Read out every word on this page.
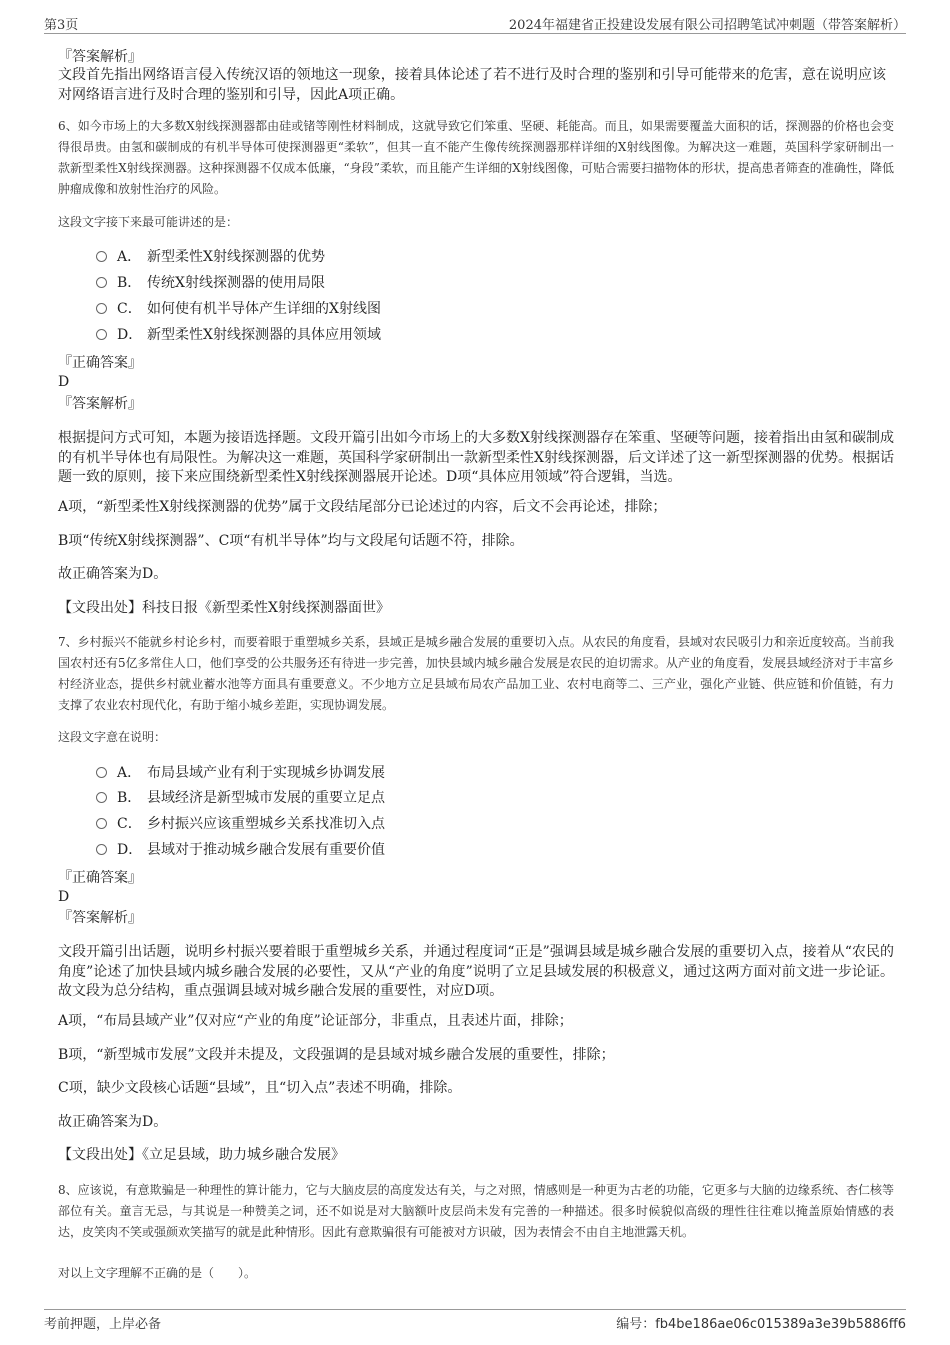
第3页	2024年福建省正投建设发展有限公司招聘笔试冲刺题（带答案解析）
『答案解析』
文段首先指出网络语言侵入传统汉语的领地这一现象，接着具体论述了若不进行及时合理的鉴别和引导可能带来的危害，意在说明应该对网络语言进行及时合理的鉴别和引导，因此A项正确。
6、如今市场上的大多数X射线探测器都由硅或锗等刚性材料制成，这就导致它们笨重、坚硬、耗能高。而且，如果需要覆盖大面积的话，探测器的价格也会变得很昂贵。由氢和碳制成的有机半导体可使探测器更“柔软”，但其一直不能产生像传统探测器那样详细的X射线图像。为解决这一难题，英国科学家研制出一款新型柔性X射线探测器。这种探测器不仅成本低廉，“身段”柔软，而且能产生详细的X射线图像，可贴合需要扫描物体的形状，提高患者筛查的准确性，降低肿瘤成像和放射性治疗的风险。
这段文字接下来最可能讲述的是：
A． 新型柔性X射线探测器的优势
B． 传统X射线探测器的使用局限
C． 如何使有机半导体产生详细的X射线图
D． 新型柔性X射线探测器的具体应用领域
『正确答案』
D
『答案解析』
根据提问方式可知，本题为接语选择题。文段开篇引出如今市场上的大多数X射线探测器存在笨重、坚硬等问题，接着指出由氢和碳制成的有机半导体也有局限性。为解决这一难题，英国科学家研制出一款新型柔性X射线探测器，后文详述了这一新型探测器的优势。根据话题一致的原则，接下来应围绕新型柔性X射线探测器展开论述。D项“具体应用领域”符合逻辑，当选。
A项，“新型柔性X射线探测器的优势”属于文段结尾部分已论述过的内容，后文不会再论述，排除；
B项“传统X射线探测器”、C项“有机半导体”均与文段尾句话题不符，排除。
故正确答案为D。
【文段出处】科技日报《新型柔性X射线探测器面世》
7、乡村振兴不能就乡村论乡村，而要着眼于重塑城乡关系，县域正是城乡融合发展的重要切入点。从农民的角度看，县域对农民吸引力和亲近度较高。当前我国农村还有5亿多常住人口，他们享受的公共服务还有待进一步完善，加快县域内城乡融合发展是农民的迫切需求。从产业的角度看，发展县域经济对于丰富乡村经济业态，提供乡村就业蓄水池等方面具有重要意义。不少地方立足县域布局农产品加工业、农村电商等二、三产业，强化产业链、供应链和价值链，有力支撑了农业农村现代化，有助于缩小城乡差距，实现协调发展。
这段文字意在说明：
A． 布局县域产业有利于实现城乡协调发展
B． 县域经济是新型城市发展的重要立足点
C． 乡村振兴应该重塑城乡关系找准切入点
D． 县域对于推动城乡融合发展有重要价值
『正确答案』
D
『答案解析』
文段开篇引出话题，说明乡村振兴要着眼于重塑城乡关系，并通过程度词“正是”强调县域是城乡融合发展的重要切入点，接着从“农民的角度”论述了加快县域内城乡融合发展的必要性，又从“产业的角度”说明了立足县域发展的积极意义，通过这两方面对前文进一步论证。故文段为总分结构，重点强调县域对城乡融合发展的重要性，对应D项。
A项，“布局县域产业”仅对应“产业的角度”论证部分，非重点，且表述片面，排除；
B项，“新型城市发展”文段并未提及，文段强调的是县域对城乡融合发展的重要性，排除；
C项，缺少文段核心话题“县域”，且“切入点”表述不明确，排除。
故正确答案为D。
【文段出处】《立足县域，助力城乡融合发展》
8、应该说，有意欺骗是一种理性的算计能力，它与大脑皮层的高度发达有关，与之对照，情感则是一种更为古老的功能，它更多与大脑的边缘系统、杏仁核等部位有关。童言无忌，与其说是一种赞美之词，还不如说是对大脑额叶皮层尚未发有完善的一种描述。很多时候貌似高级的理性往往难以掩盖原始情感的表达，皮笑肉不笑或强颜欢笑描写的就是此种情形。因此有意欺骗很有可能被对方识破，因为表情会不由自主地泄露天机。
对以上文字理解不正确的是（　　）。
考前押题，上岸必备	编号：fb4be186ae06c015389a3e39b5886ff6
